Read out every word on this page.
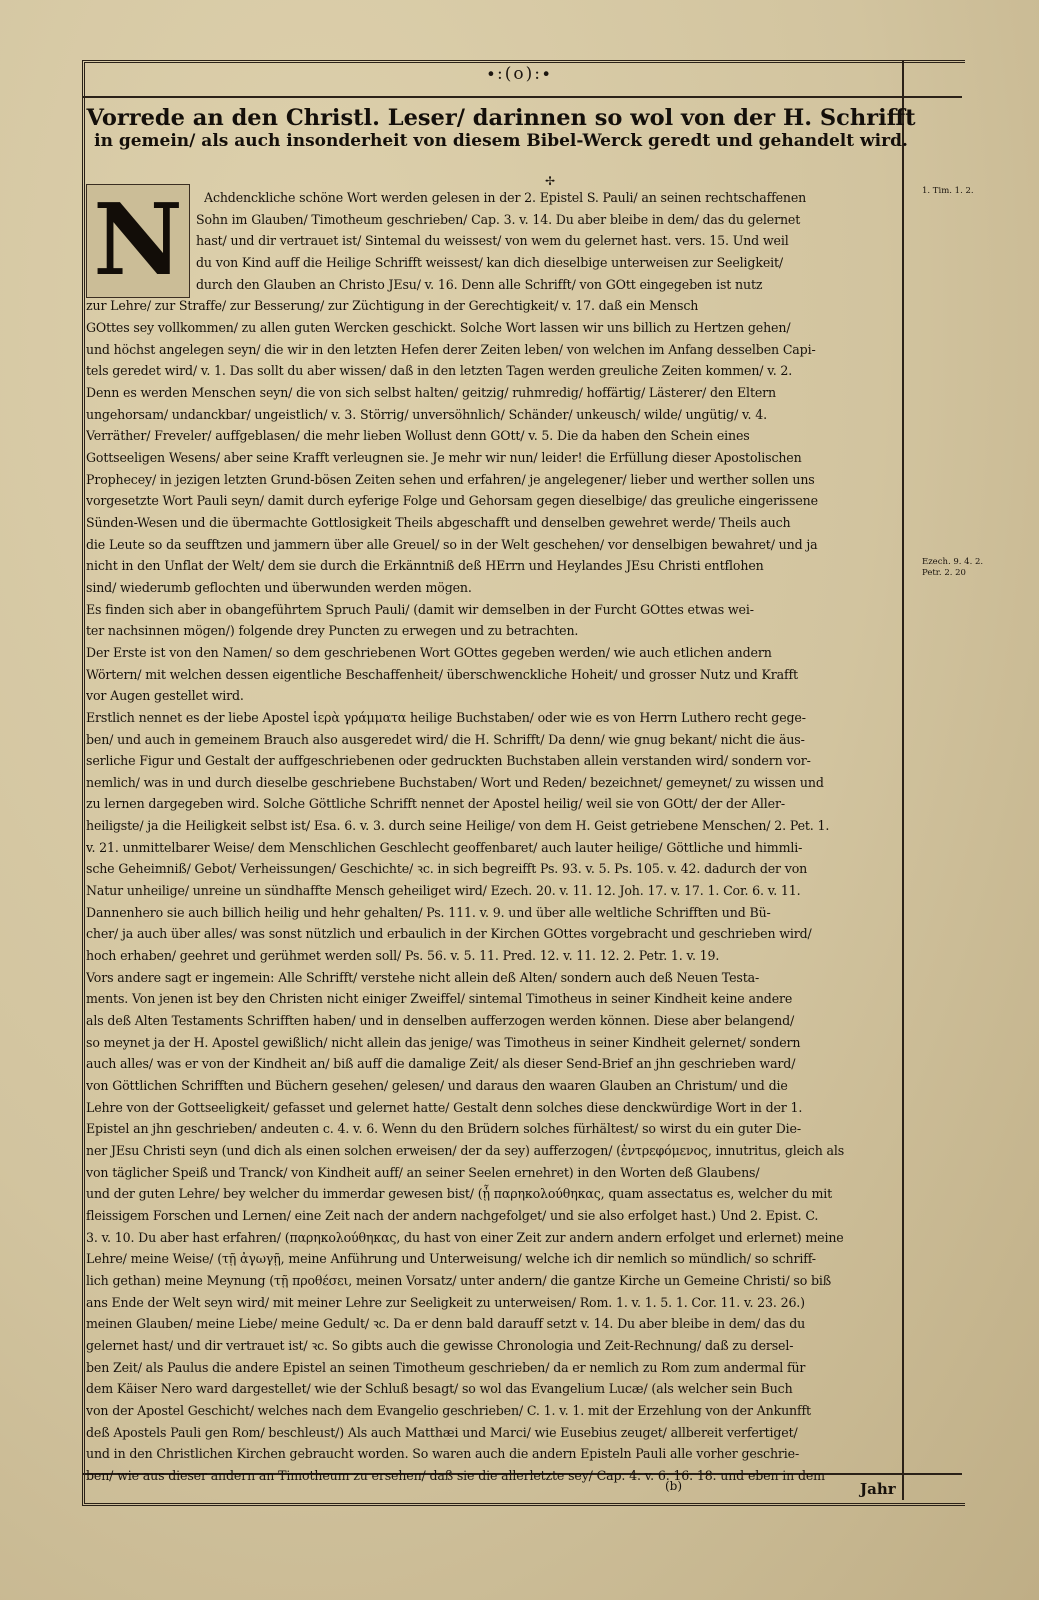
∙:(o):∙
Vorrede an den Christl. Leser/ darinnen so wol von der H. Schrifft
in gemein/ als auch insonderheit von diesem Bibel-Werck geredt und gehandelt wird.
✢
N	Achdenckliche schöne Wort werden gelesen in der 2. Epistel S. Pauli/ an seinen rechtschaffenen
Sohn im Glauben/ Timotheum geschrieben/ Cap. 3. v. 14. Du aber bleibe in dem/ das du gelernet
hast/ und dir vertrauet ist/ Sintemal du weissest/ von wem du gelernet hast. vers. 15. Und weil
du von Kind auff die Heilige Schrifft weissest/ kan dich dieselbige unterweisen zur Seeligkeit/
durch den Glauben an Christo JEsu/ v. 16. Denn alle Schrifft/ von GOtt eingegeben ist nutz
zur Lehre/ zur Straffe/ zur Besserung/ zur Züchtigung in der Gerechtigkeit/ v. 17. daß ein Mensch
GOttes sey vollkommen/ zu allen guten Wercken geschickt. Solche Wort lassen wir uns billich zu Hertzen gehen/
und höchst angelegen seyn/ die wir in den letzten Hefen derer Zeiten leben/ von welchen im Anfang desselben Capi-
tels geredet wird/ v. 1. Das sollt du aber wissen/ daß in den letzten Tagen werden greuliche Zeiten kommen/ v. 2.
Denn es werden Menschen seyn/ die von sich selbst halten/ geitzig/ ruhmredig/ hoffärtig/ Lästerer/ den Eltern
ungehorsam/ undanckbar/ ungeistlich/ v. 3. Störrig/ unversöhnlich/ Schänder/ unkeusch/ wilde/ ungütig/ v. 4.
Verräther/ Freveler/ auffgeblasen/ die mehr lieben Wollust denn GOtt/ v. 5. Die da haben den Schein eines
Gottseeligen Wesens/ aber seine Krafft verleugnen sie. Je mehr wir nun/ leider! die Erfüllung dieser Apostolischen
Prophecey/ in jezigen letzten Grund-bösen Zeiten sehen und erfahren/ je angelegener/ lieber und werther sollen uns
vorgesetzte Wort Pauli seyn/ damit durch eyferige Folge und Gehorsam gegen dieselbige/ das greuliche eingerissene
Sünden-Wesen und die übermachte Gottlosigkeit Theils abgeschafft und denselben gewehret werde/ Theils auch
die Leute so da seufftzen und jammern über alle Greuel/ so in der Welt geschehen/ vor denselbigen bewahret/ und ja
nicht in den Unflat der Welt/ dem sie durch die Erkänntniß deß HErrn und Heylandes JEsu Christi entflohen
sind/ wiederumb geflochten und überwunden werden mögen.
Es finden sich aber in obangeführtem Spruch Pauli/ (damit wir demselben in der Furcht GOttes etwas wei-
ter nachsinnen mögen/) folgende drey Puncten zu erwegen und zu betrachten.
Der Erste ist von den Namen/ so dem geschriebenen Wort GOttes gegeben werden/ wie auch etlichen andern
Wörtern/ mit welchen dessen eigentliche Beschaffenheit/ überschwenckliche Hoheit/ und grosser Nutz und Krafft
vor Augen gestellet wird.
Erstlich nennet es der liebe Apostel ἱερὰ γράμματα heilige Buchstaben/ oder wie es von Herrn Luthero recht gege-
ben/ und auch in gemeinem Brauch also ausgeredet wird/ die H. Schrifft/ Da denn/ wie gnug bekant/ nicht die äus-
serliche Figur und Gestalt der auffgeschriebenen oder gedruckten Buchstaben allein verstanden wird/ sondern vor-
nemlich/ was in und durch dieselbe geschriebene Buchstaben/ Wort und Reden/ bezeichnet/ gemeynet/ zu wissen und
zu lernen dargegeben wird. Solche Göttliche Schrifft nennet der Apostel heilig/ weil sie von GOtt/ der der Aller-
heiligste/ ja die Heiligkeit selbst ist/ Esa. 6. v. 3. durch seine Heilige/ von dem H. Geist getriebene Menschen/ 2. Pet. 1.
v. 21. unmittelbarer Weise/ dem Menschlichen Geschlecht geoffenbaret/ auch lauter heilige/ Göttliche und himmli-
sche Geheimniß/ Gebot/ Verheissungen/ Geschichte/ ꝛc. in sich begreifft Ps. 93. v. 5. Ps. 105. v. 42. dadurch der von
Natur unheilige/ unreine un sündhaffte Mensch geheiliget wird/ Ezech. 20. v. 11. 12. Joh. 17. v. 17. 1. Cor. 6. v. 11.
Dannenhero sie auch billich heilig und hehr gehalten/ Ps. 111. v. 9. und über alle weltliche Schrifften und Bü-
cher/ ja auch über alles/ was sonst nützlich und erbaulich in der Kirchen GOttes vorgebracht und geschrieben wird/
hoch erhaben/ geehret und gerühmet werden soll/ Ps. 56. v. 5. 11. Pred. 12. v. 11. 12. 2. Petr. 1. v. 19.
Vors andere sagt er ingemein: Alle Schrifft/ verstehe nicht allein deß Alten/ sondern auch deß Neuen Testa-
ments. Von jenen ist bey den Christen nicht einiger Zweiffel/ sintemal Timotheus in seiner Kindheit keine andere
als deß Alten Testaments Schrifften haben/ und in denselben aufferzogen werden können. Diese aber belangend/
so meynet ja der H. Apostel gewißlich/ nicht allein das jenige/ was Timotheus in seiner Kindheit gelernet/ sondern
auch alles/ was er von der Kindheit an/ biß auff die damalige Zeit/ als dieser Send-Brief an jhn geschrieben ward/
von Göttlichen Schrifften und Büchern gesehen/ gelesen/ und daraus den waaren Glauben an Christum/ und die
Lehre von der Gottseeligkeit/ gefasset und gelernet hatte/ Gestalt denn solches diese denckwürdige Wort in der 1.
Epistel an jhn geschrieben/ andeuten c. 4. v. 6. Wenn du den Brüdern solches fürhältest/ so wirst du ein guter Die-
ner JEsu Christi seyn (und dich als einen solchen erweisen/ der da sey) aufferzogen/ (ἐντρεφόμενος, innutritus, gleich als
von täglicher Speiß und Tranck/ von Kindheit auff/ an seiner Seelen ernehret) in den Worten deß Glaubens/
und der guten Lehre/ bey welcher du immerdar gewesen bist/ (ᾗ παρηκολούθηκας, quam assectatus es, welcher du mit
fleissigem Forschen und Lernen/ eine Zeit nach der andern nachgefolget/ und sie also erfolget hast.) Und 2. Epist. C.
3. v. 10. Du aber hast erfahren/ (παρηκολούθηκας, du hast von einer Zeit zur andern andern erfolget und erlernet) meine
Lehre/ meine Weise/ (τῇ ἀγωγῇ, meine Anführung und Unterweisung/ welche ich dir nemlich so mündlich/ so schriff-
lich gethan) meine Meynung (τῇ προθέσει, meinen Vorsatz/ unter andern/ die gantze Kirche un Gemeine Christi/ so biß
ans Ende der Welt seyn wird/ mit meiner Lehre zur Seeligkeit zu unterweisen/ Rom. 1. v. 1. 5. 1. Cor. 11. v. 23. 26.)
meinen Glauben/ meine Liebe/ meine Gedult/ ꝛc. Da er denn bald darauff setzt v. 14. Du aber bleibe in dem/ das du
gelernet hast/ und dir vertrauet ist/ ꝛc. So gibts auch die gewisse Chronologia und Zeit-Rechnung/ daß zu dersel-
ben Zeit/ als Paulus die andere Epistel an seinen Timotheum geschrieben/ da er nemlich zu Rom zum andermal für
dem Käiser Nero ward dargestellet/ wie der Schluß besagt/ so wol das Evangelium Lucæ/ (als welcher sein Buch
von der Apostel Geschicht/ welches nach dem Evangelio geschrieben/ C. 1. v. 1. mit der Erzehlung von der Ankunfft
deß Apostels Pauli gen Rom/ beschleust/) Als auch Matthæi und Marci/ wie Eusebius zeuget/ allbereit verfertiget/
und in den Christlichen Kirchen gebraucht worden. So waren auch die andern Episteln Pauli alle vorher geschrie-
ben/ wie aus dieser andern an Timotheum zu ersehen/ daß sie die allerletzte sey/ Cap. 4. v. 6. 16. 18. und eben in dem
1. Tim. 1. 2.
Ezech. 9. 4. 2. Petr. 2. 20
(b)	Jahr
